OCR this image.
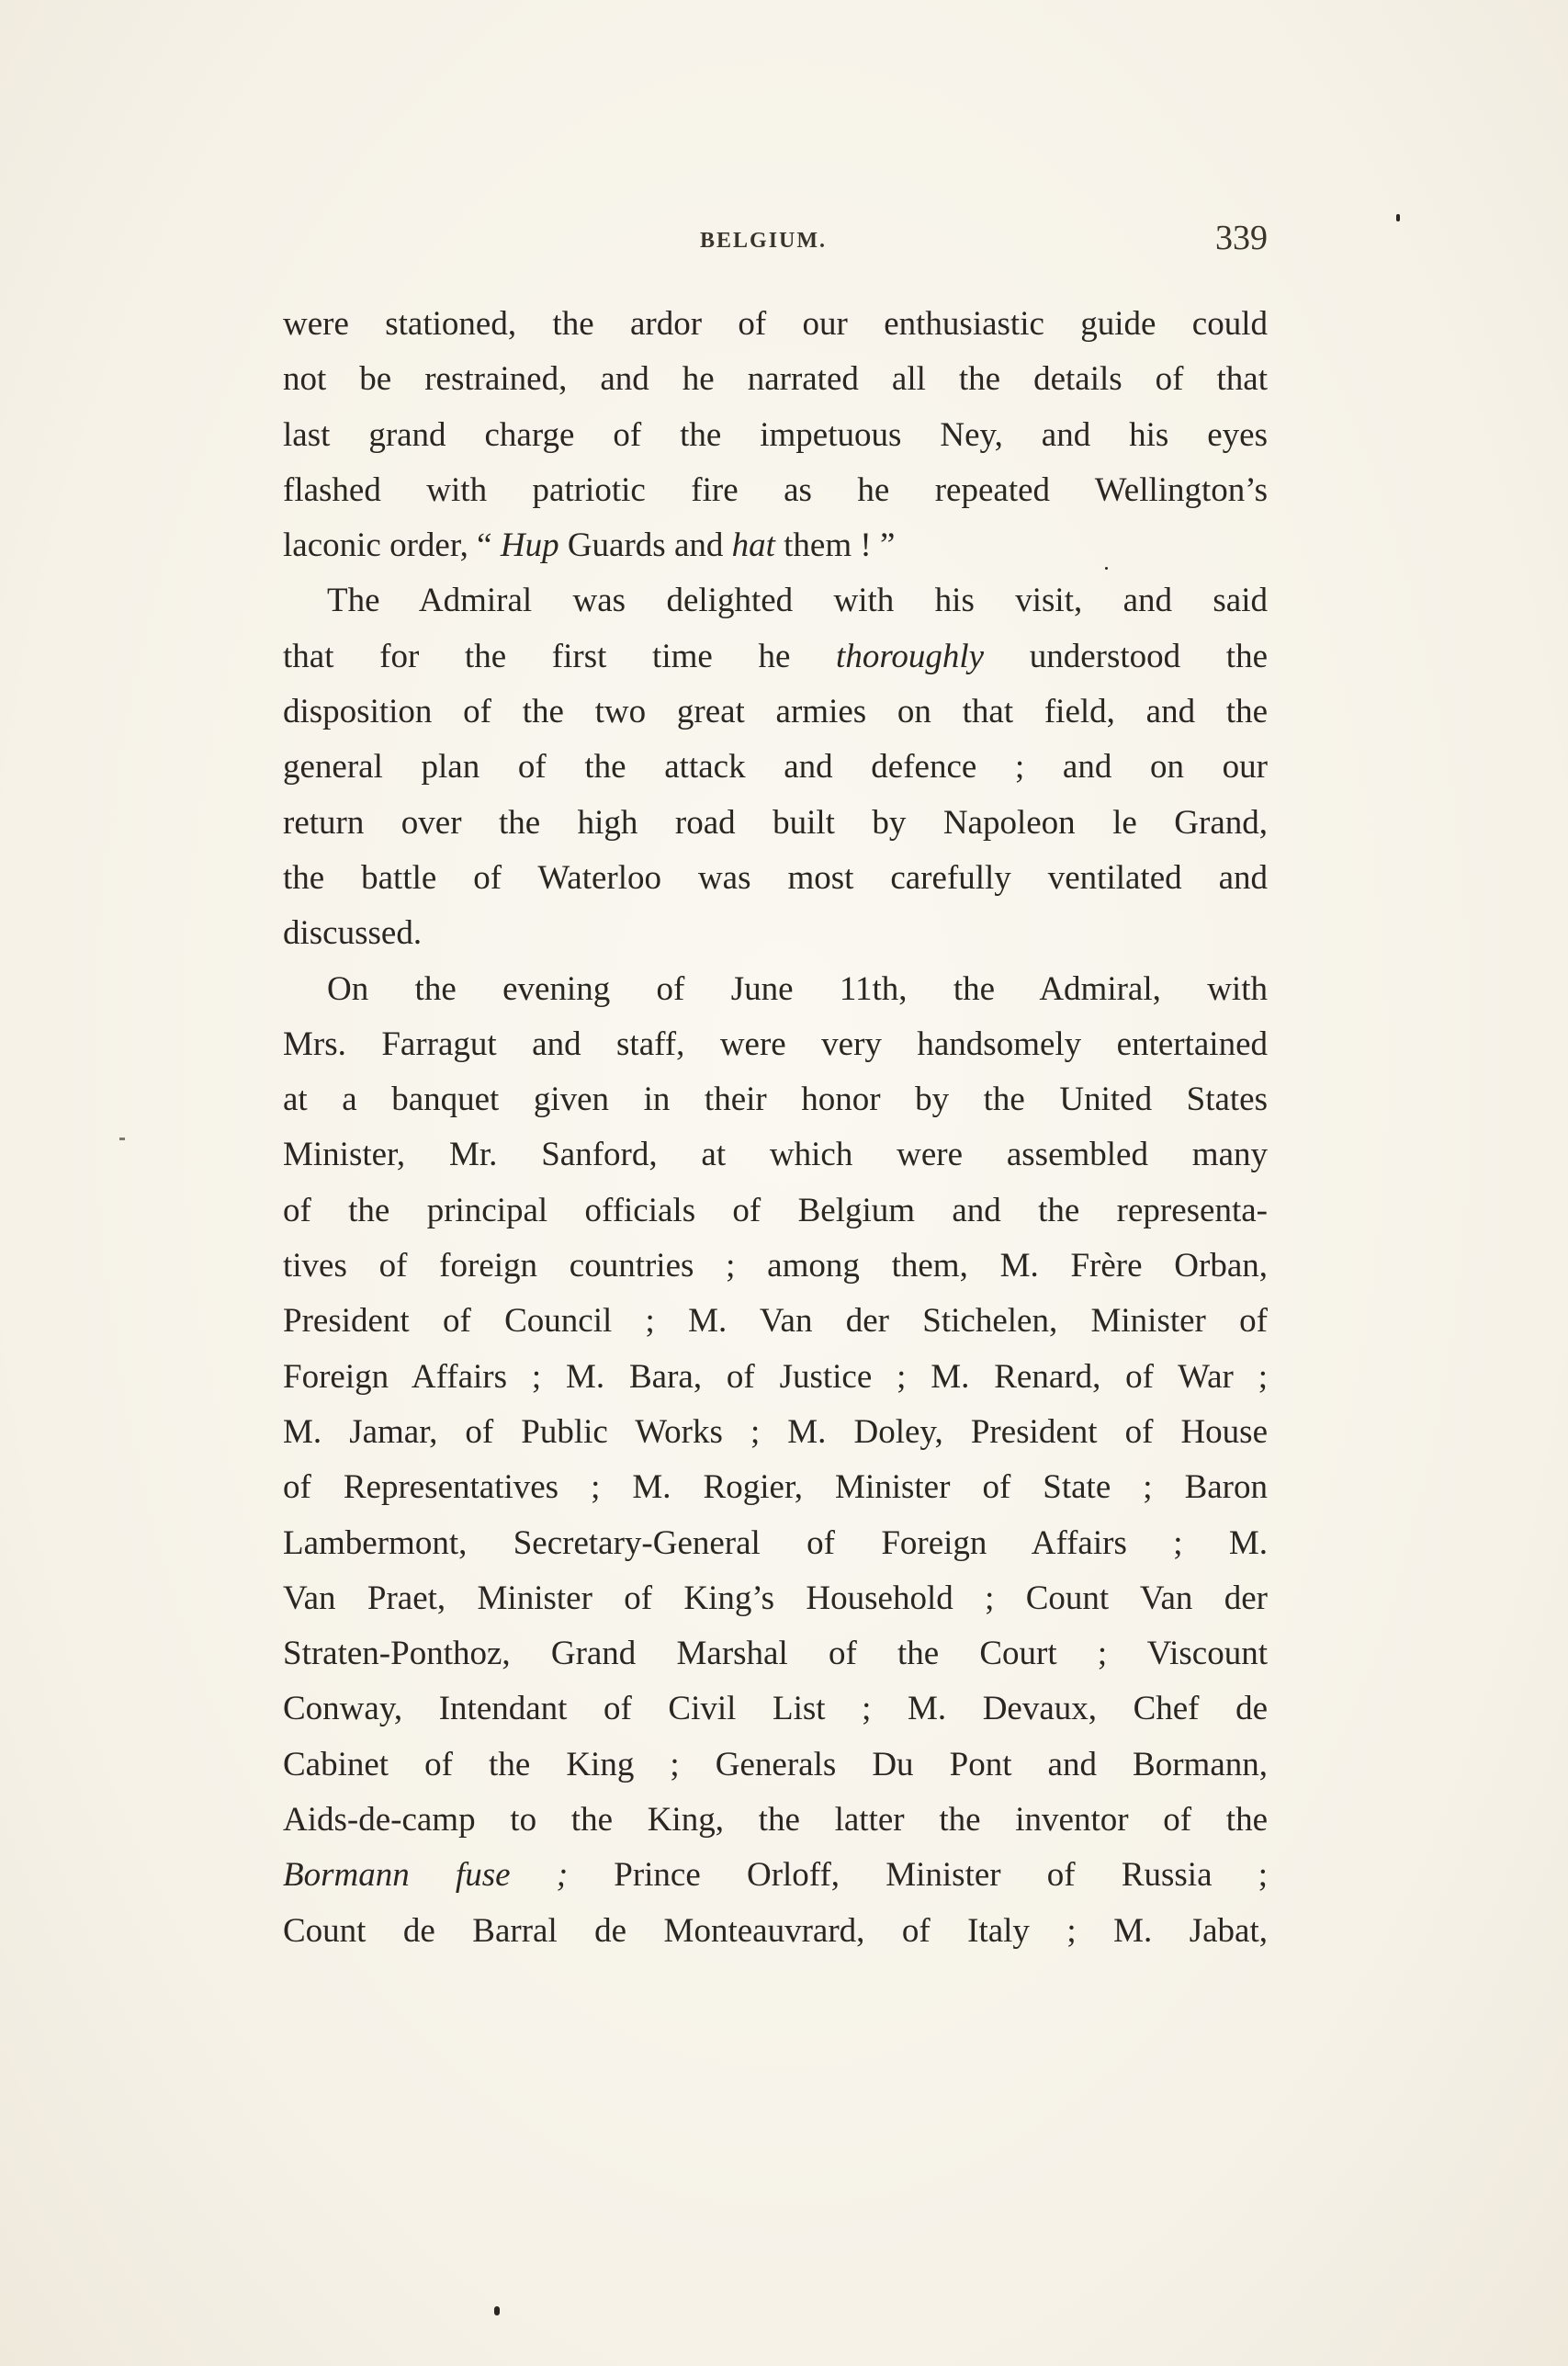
BELGIUM.	339
were stationed, the ardor of our enthusiastic guide could
not be restrained, and he narrated all the details of that
last grand charge of the impetuous Ney, and his eyes
flashed with patriotic fire as he repeated Wellington’s
laconic order, “ Hup Guards and hat them ! ”
The Admiral was delighted with his visit, and said
that for the first time he thoroughly understood the
disposition of the two great armies on that field, and the
general plan of the attack and defence ; and on our
return over the high road built by Napoleon le Grand,
the battle of Waterloo was most carefully ventilated and
discussed.
On the evening of June 11th, the Admiral, with
Mrs. Farragut and staff, were very handsomely entertained
at a banquet given in their honor by the United States
Minister, Mr. Sanford, at which were assembled many
of the principal officials of Belgium and the representa-
tives of foreign countries ; among them, M. Frère Orban,
President of Council ; M. Van der Stichelen, Minister of
Foreign Affairs ; M. Bara, of Justice ; M. Renard, of War ;
M. Jamar, of Public Works ; M. Doley, President of House
of Representatives ; M. Rogier, Minister of State ; Baron
Lambermont, Secretary-General of Foreign Affairs ; M.
Van Praet, Minister of King’s Household ; Count Van der
Straten-Ponthoz, Grand Marshal of the Court ; Viscount
Conway, Intendant of Civil List ; M. Devaux, Chef de
Cabinet of the King ; Generals Du Pont and Bormann,
Aids-de-camp to the King, the latter the inventor of the
Bormann fuse ; Prince Orloff, Minister of Russia ;
Count de Barral de Monteauvrard, of Italy ; M. Jabat,
